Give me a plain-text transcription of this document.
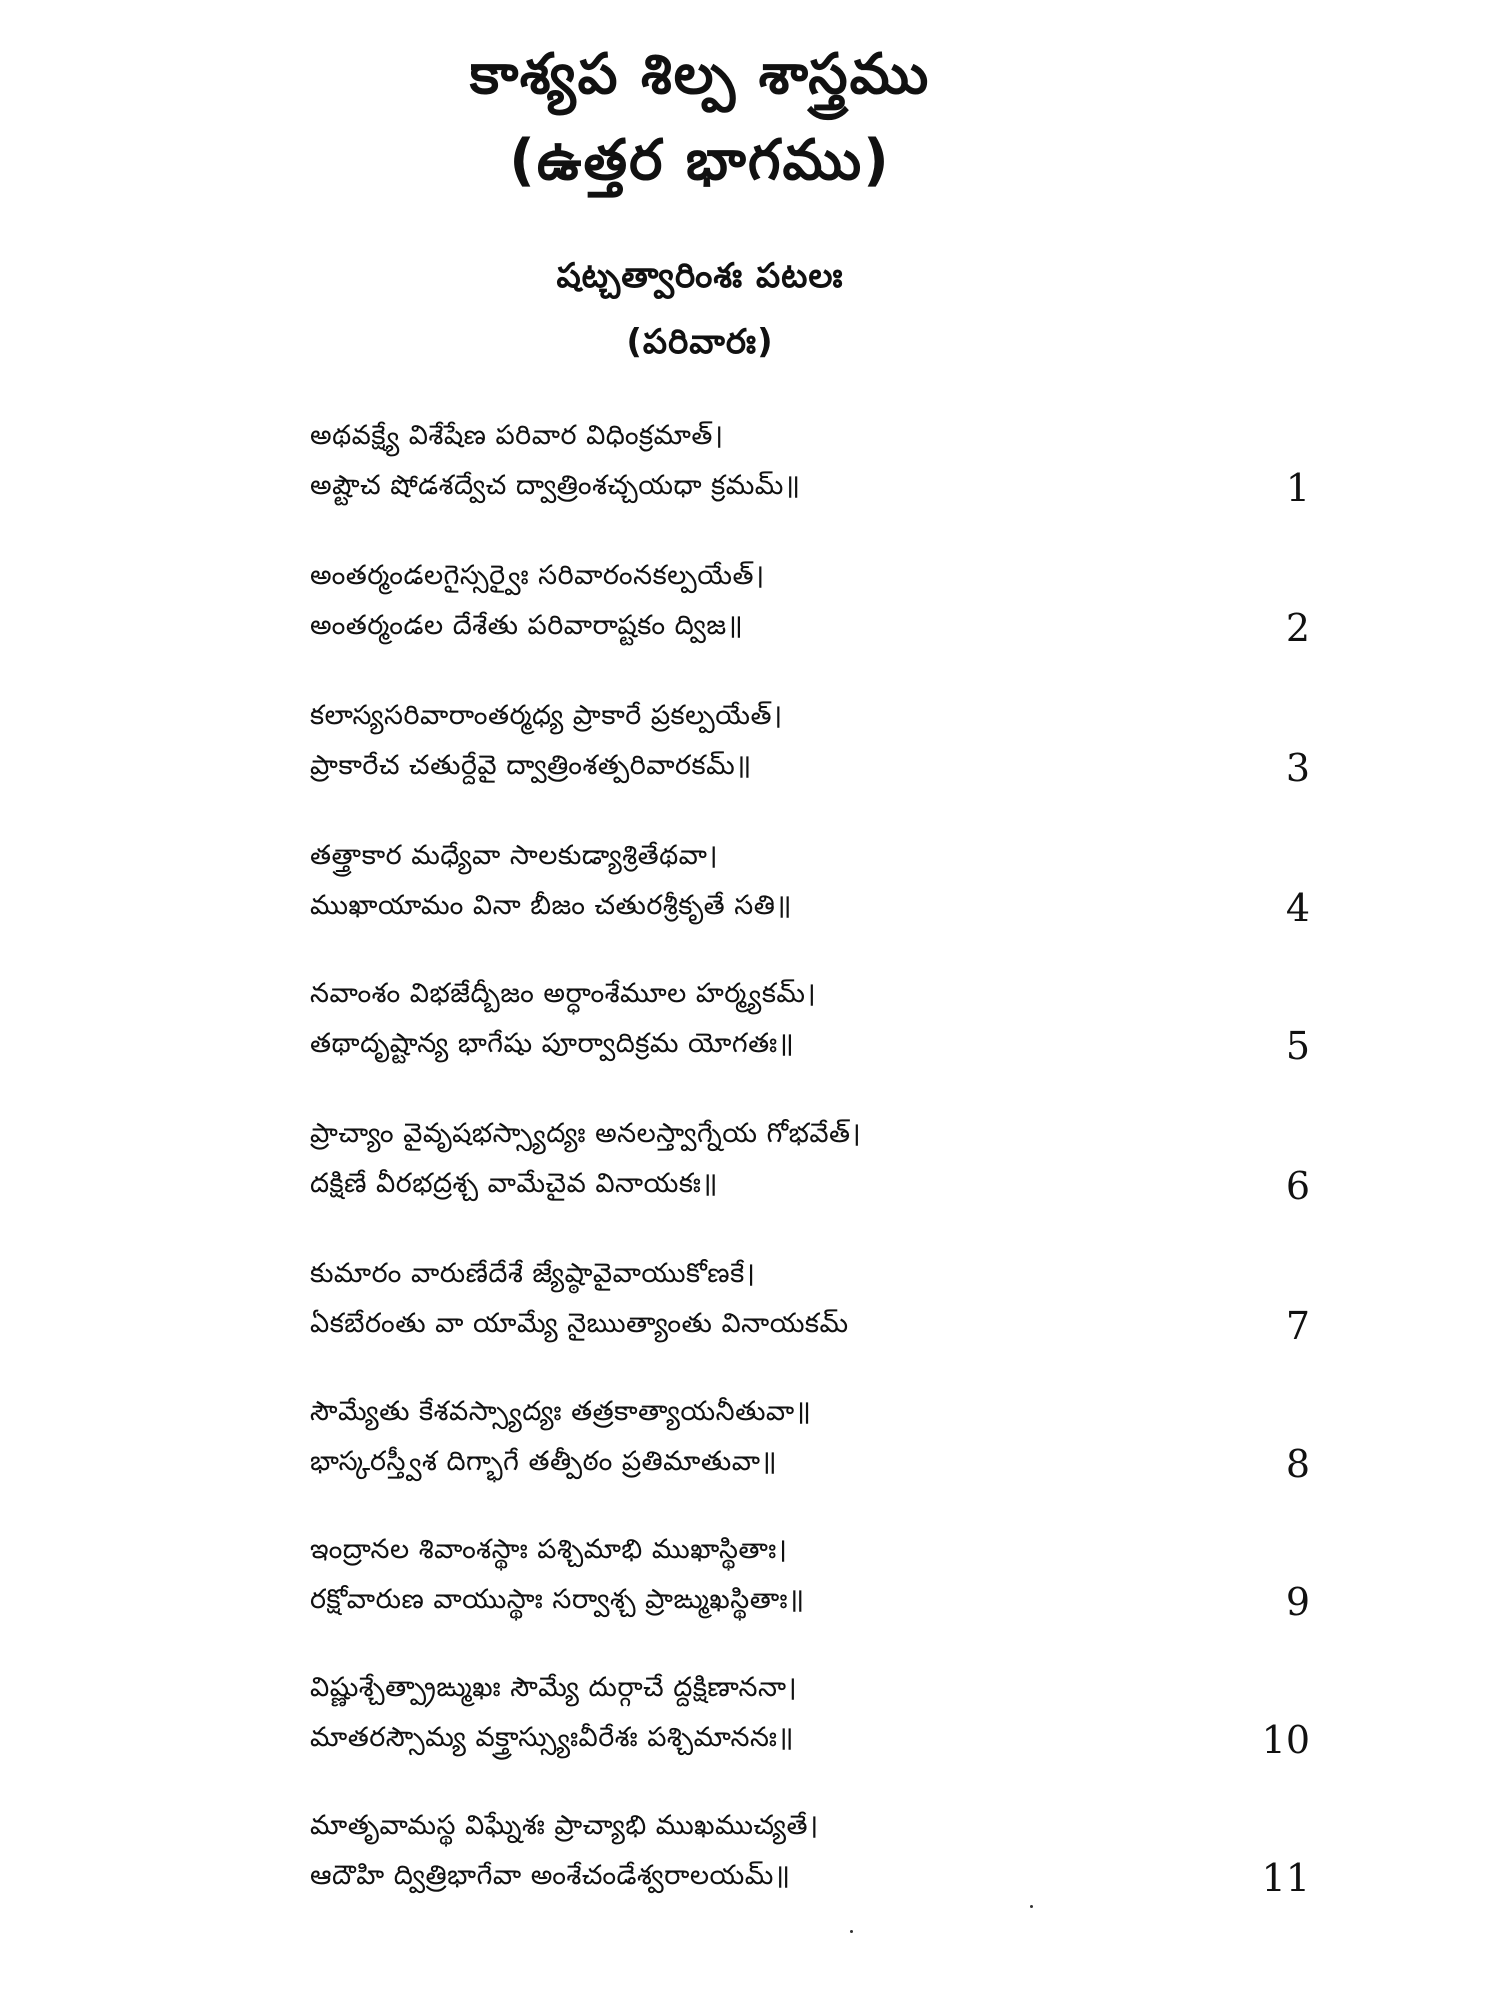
కాశ్యప శిల్ప శాస్త్రము
(ఉత్తర భాగము)
షట్చత్వారింశః పటలః
(పరివారః)
అథవక్ష్యే విశేషేణ పరివార విధింక్రమాత్।
అష్టౌచ షోడశద్వేచ ద్వాత్రింశచ్చయధా క్రమమ్॥	1
అంతర్మండలగైస్సర్వైః సరివారంనకల్పయేత్।
అంతర్మండల దేశేతు పరివారాష్టకం ద్విజ॥	2
కలాస్యసరివారాంతర్మధ్య ప్రాకారే ప్రకల్పయేత్।
ప్రాకారేచ చతుర్దేవై ద్వాత్రింశత్పరివారకమ్॥	3
తత్త్రాకార మధ్యేవా సాలకుడ్యాశ్రితేథవా।
ముఖాయామం వినా బీజం చతురశ్రీకృతే సతి॥	4
నవాంశం విభజేద్బీజం అర్ధాంశేమూల హర్మ్యకమ్।
తథాదృష్టాన్య భాగేషు పూర్వాదిక్రమ యోగతః॥	5
ప్రాచ్యాం వైవృషభస్స్యాద్యః అనలస్త్వాగ్నేయ గోభవేత్।
దక్షిణే వీరభద్రశ్చ వామేచైవ వినాయకః॥	6
కుమారం వారుణేదేశే జ్యేష్ఠావైవాయుకోణకే।
ఏకబేరంతు వా యామ్యే నైఋత్యాంతు వినాయకమ్	7
సౌమ్యేతు కేశవస్స్యాద్యః తత్రకాత్యాయనీతువా॥
భాస్కరస్త్వీశ దిగ్భాగే తత్పీఠం ప్రతిమాతువా॥	8
ఇంద్రానల శివాంశస్థాః పశ్చిమాభి ముఖాస్థితాః।
రక్షోవారుణ వాయుస్థాః సర్వాశ్చ ప్రాఙ్ముఖస్థితాః॥	9
విష్ణుశ్చేత్ప్రాఙ్ముఖః సౌమ్యే దుర్గాచే ద్దక్షిణాననా।
మాతరస్సౌమ్య వక్త్రాస్స్యుఃవీరేశః పశ్చిమాననః॥	10
మాతృవామస్థ విఘ్నేశః ప్రాచ్యాభి ముఖముచ్యతే।
ఆదౌహి ద్విత్రిభాగేవా అంశేచండేశ్వరాలయమ్॥	11
